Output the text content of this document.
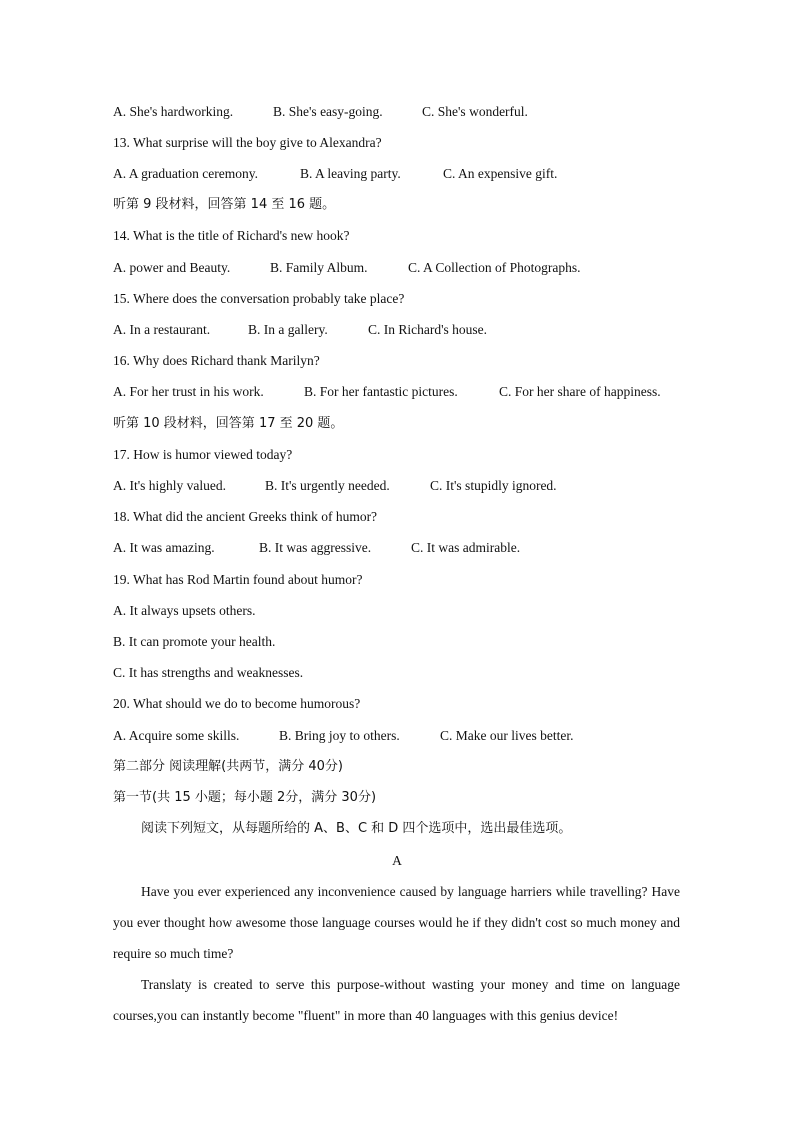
A. She's hardworking.	B. She's easy-going.	C. She's wonderful.
13. What surprise will the boy give to Alexandra?
A. A graduation ceremony.	B. A leaving party.	C. An expensive gift.
听第 9 段材料，回答第 14 至 16 题。
14. What is the title of Richard's new hook?
A. power and Beauty.	B. Family Album.	C. A Collection of Photographs.
15. Where does the conversation probably take place?
A. In a restaurant.	B. In a gallery.	C. In Richard's house.
16. Why does Richard thank Marilyn?
A. For her trust in his work.	B. For her fantastic pictures.	C. For her share of happiness.
听第 10 段材料，回答第 17 至 20 题。
17. How is humor viewed today?
A. It's highly valued.	B. It's urgently needed.	C. It's stupidly ignored.
18. What did the ancient Greeks think of humor?
A. It was amazing.	B. It was aggressive.	C. It was admirable.
19. What has Rod Martin found about humor?
A. It always upsets others.
B. It can promote your health.
C. It has strengths and weaknesses.
20. What should we do to become humorous?
A. Acquire some skills.	B. Bring joy to others.	C. Make our lives better.
第二部分 阅读理解(共两节，满分 40分)
第一节(共 15 小题；每小题 2分，满分 30分)
阅读下列短文，从每题所给的 A、B、C 和 D 四个选项中，选出最佳选项。
A
Have you ever experienced any inconvenience caused by language harriers while travelling? Have you ever thought how awesome those language courses would he if they didn't cost so much money and require so much time?
Translaty is created to serve this purpose-without wasting your money and time on language courses,you can instantly become "fluent" in more than 40 languages with this genius device!
